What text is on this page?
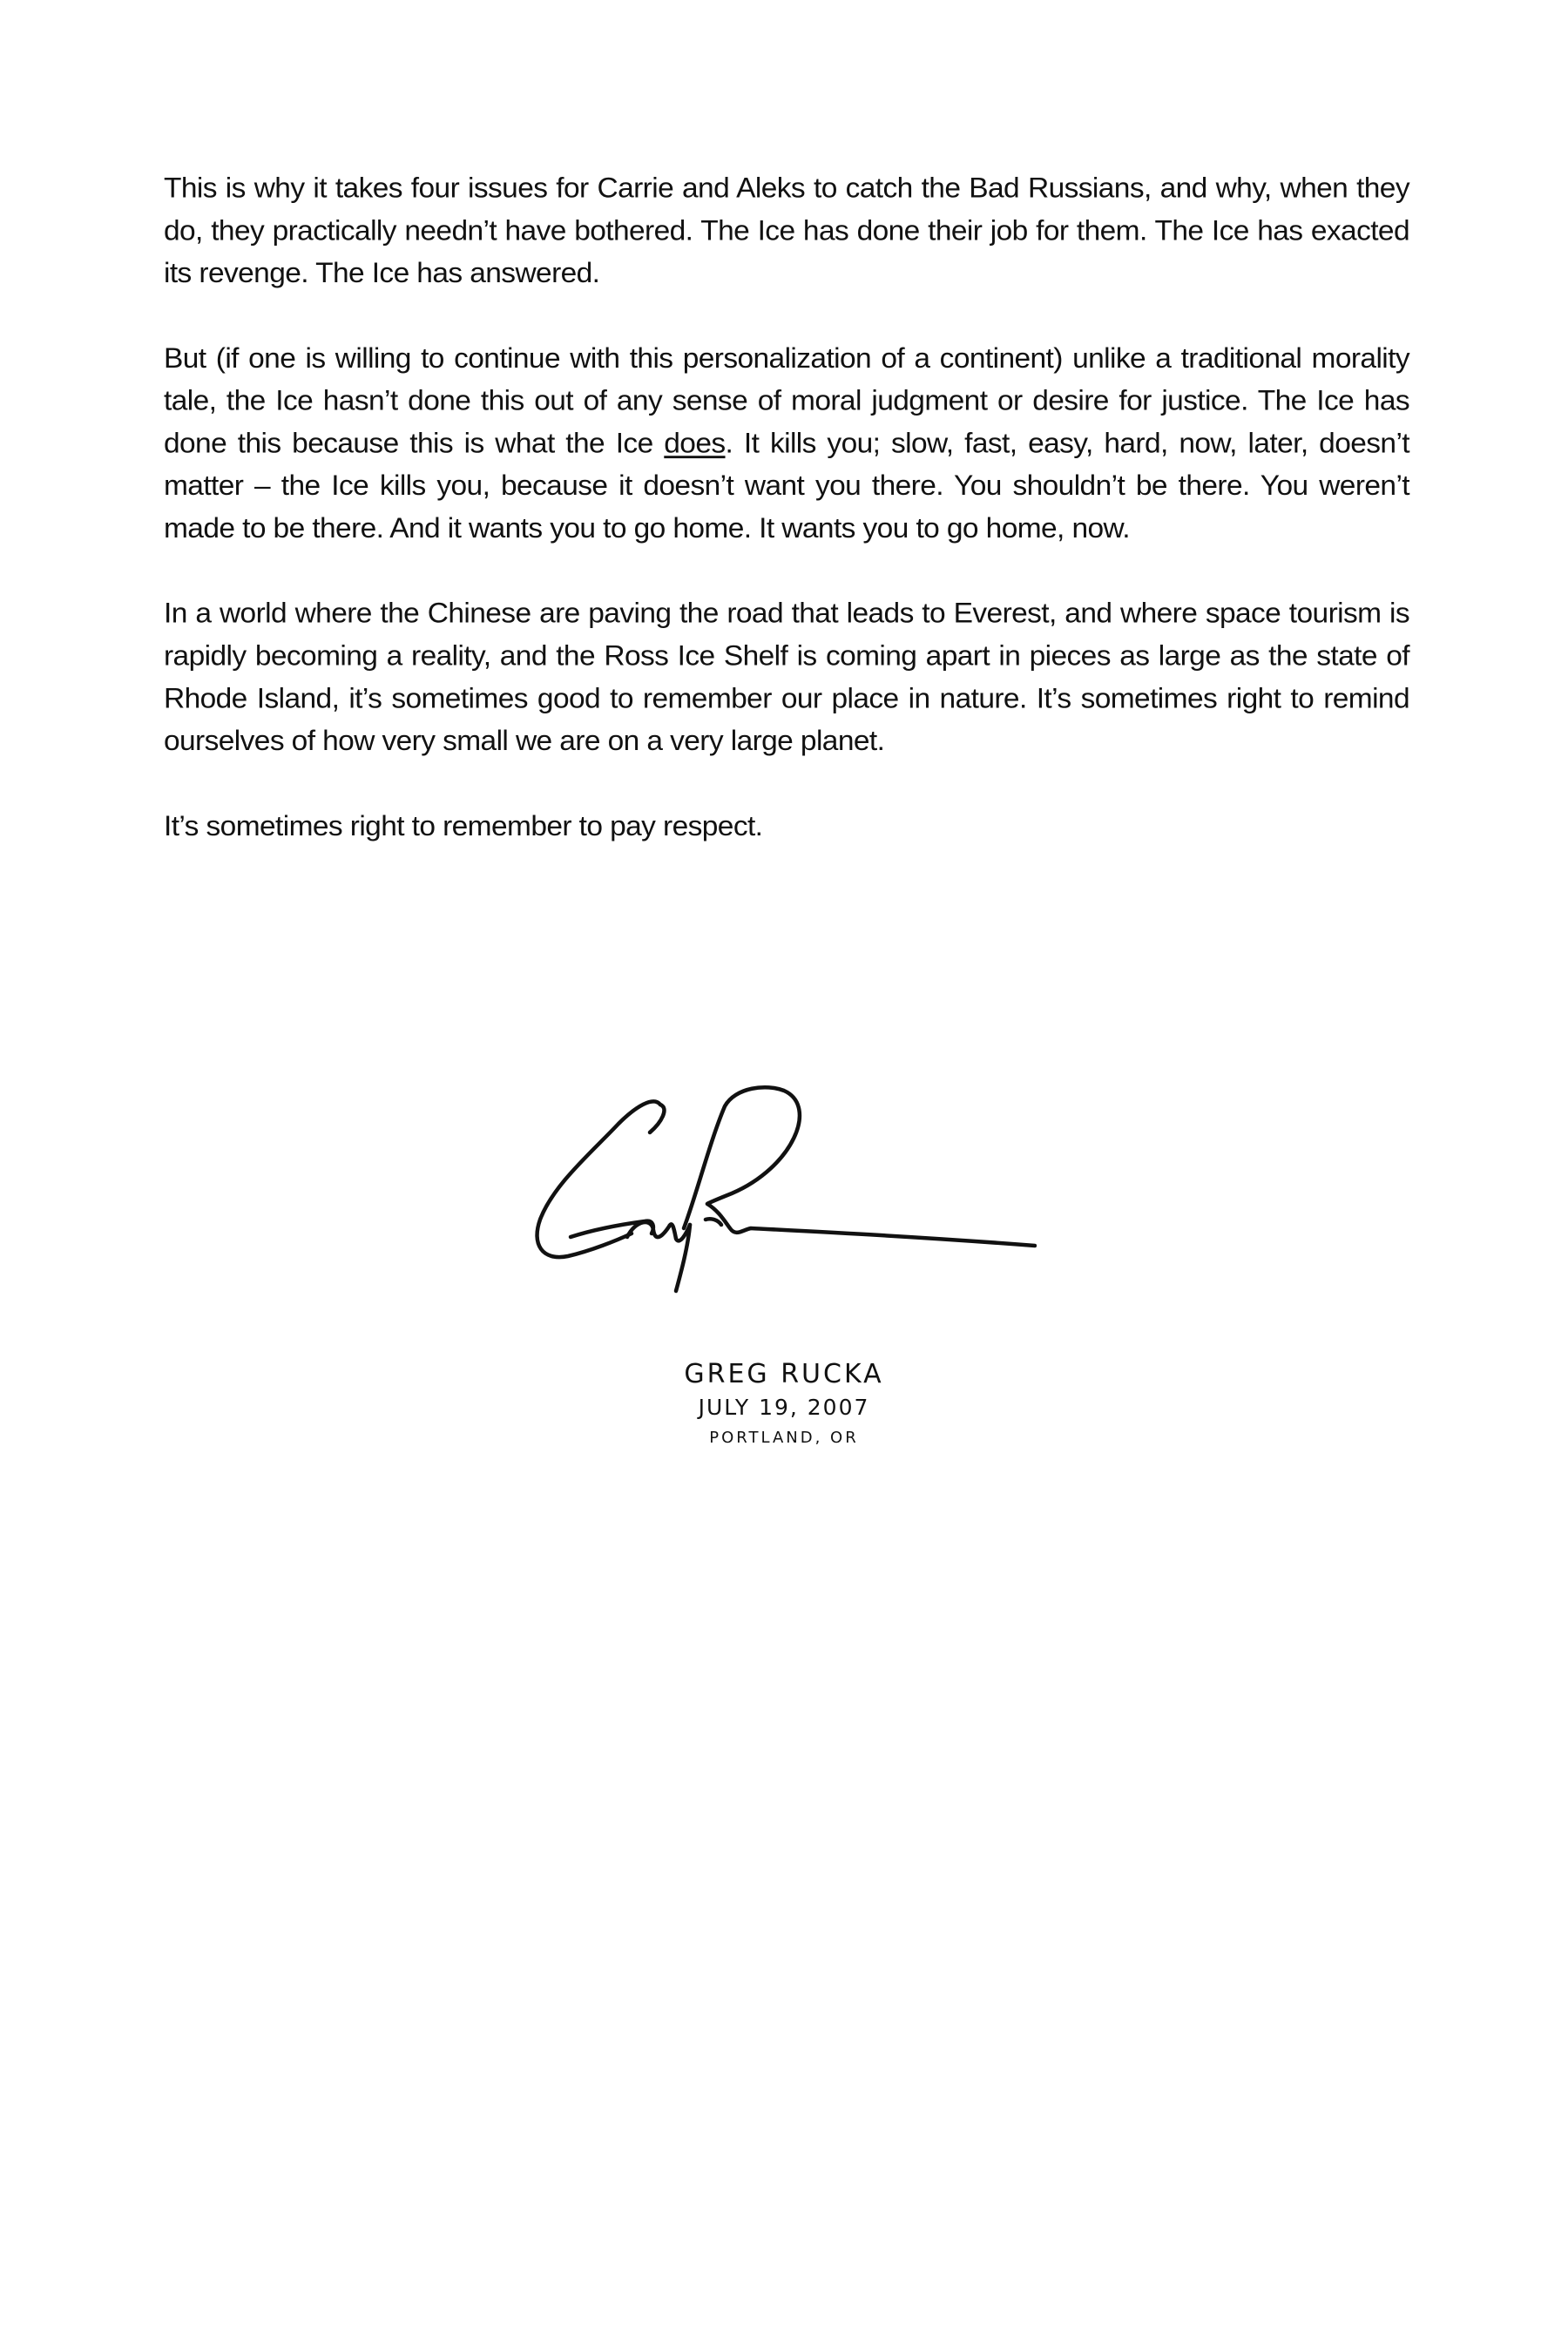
This is why it takes four issues for Carrie and Aleks to catch the Bad Russians, and why, when they do, they practically needn’t have bothered. The Ice has done their job for them. The Ice has exacted its revenge. The Ice has answered.

But (if one is willing to continue with this personalization of a continent) unlike a traditional morality tale, the Ice hasn’t done this out of any sense of moral judgment or desire for justice. The Ice has done this because this is what the Ice does. It kills you; slow, fast, easy, hard, now, later, doesn’t matter – the Ice kills you, because it doesn’t want you there. You shouldn’t be there. You weren’t made to be there. And it wants you to go home. It wants you to go home, now.

In a world where the Chinese are paving the road that leads to Everest, and where space tourism is rapidly becoming a reality, and the Ross Ice Shelf is coming apart in pieces as large as the state of Rhode Island, it’s sometimes good to remember our place in nature. It’s sometimes right to remind ourselves of how very small we are on a very large planet.

It’s sometimes right to remember to pay respect.

GREG RUCKA
JULY 19, 2007
PORTLAND, OR
